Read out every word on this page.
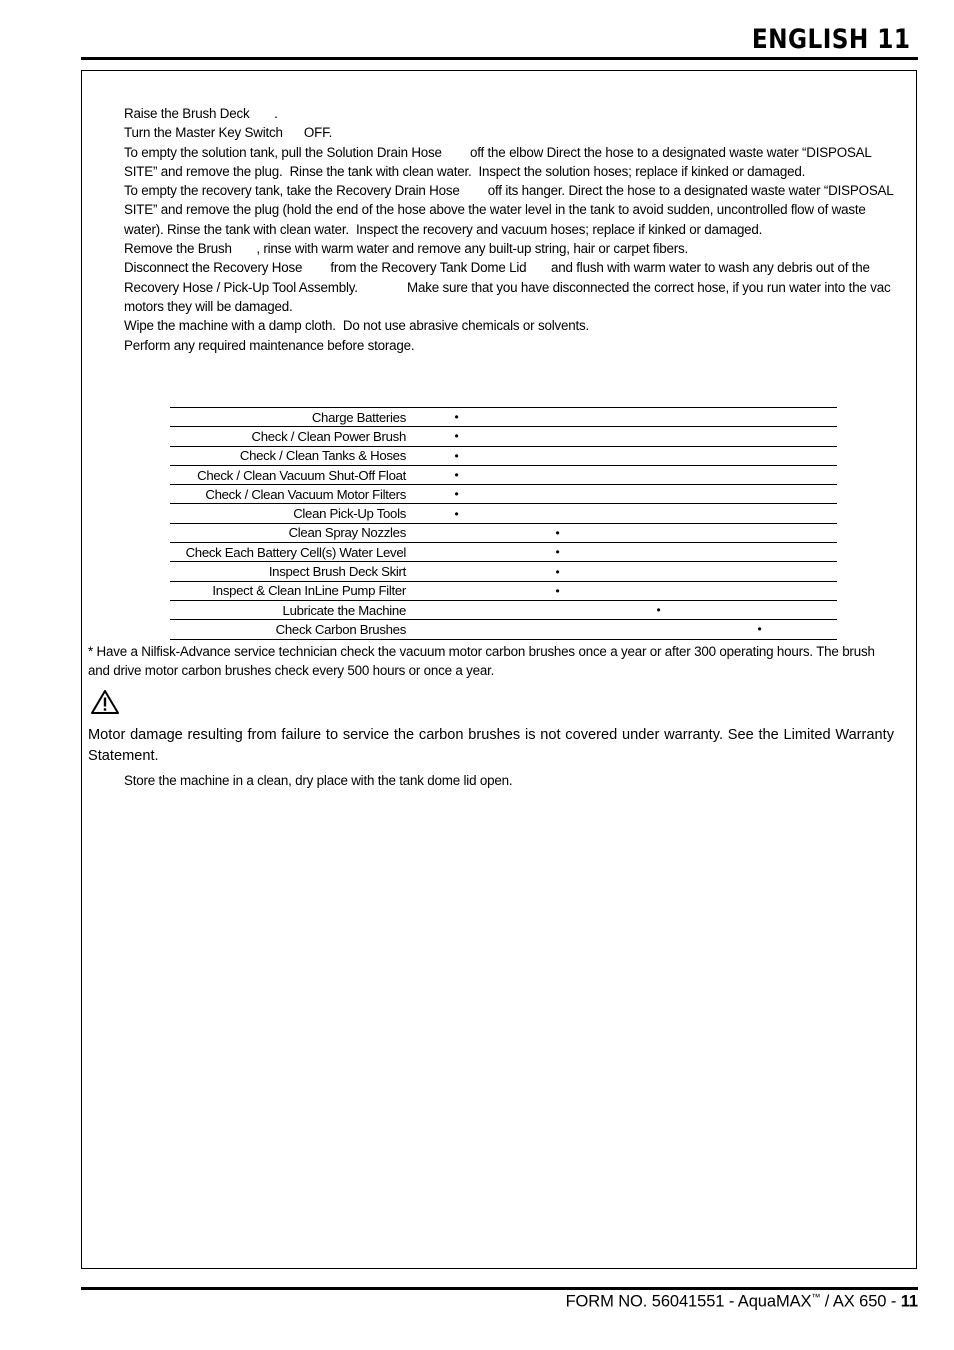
ENGLISH 11

Raise the Brush Deck       .

Turn the Master Key Switch      OFF.

To empty the solution tank, pull the Solution Drain Hose        off the elbow Direct the hose to a designated waste water “DISPOSAL SITE” and remove the plug.  Rinse the tank with clean water.  Inspect the solution hoses; replace if kinked or damaged.

To empty the recovery tank, take the Recovery Drain Hose        off its hanger. Direct the hose to a designated waste water “DISPOSAL SITE” and remove the plug (hold the end of the hose above the water level in the tank to avoid sudden, uncontrolled flow of waste water). Rinse the tank with clean water.  Inspect the recovery and vacuum hoses; replace if kinked or damaged.

Remove the Brush       , rinse with warm water and remove any built-up string, hair or carpet fibers.

Disconnect the Recovery Hose        from the Recovery Tank Dome Lid       and flush with warm water to wash any debris out of the Recovery Hose / Pick-Up Tool Assembly.              Make sure that you have disconnected the correct hose, if you run water into the vac motors they will be damaged.

Wipe the machine with a damp cloth.  Do not use abrasive chemicals or solvents.

Perform any required maintenance before storage.

Charge Batteries	•				
Check / Clean Power Brush	•				
Check / Clean Tanks & Hoses	•				
Check / Clean Vacuum Shut-Off Float	•				
Check / Clean Vacuum Motor Filters	•				
Clean Pick-Up Tools	•				
Clean Spray Nozzles		•			
Check Each Battery Cell(s) Water Level		•			
Inspect Brush Deck Skirt		•			
Inspect & Clean InLine Pump Filter		•			
Lubricate the Machine			•		
Check Carbon Brushes				•	
* Have a Nilfisk-Advance service technician check the vacuum motor carbon brushes once a year or after 300 operating hours. The brush and drive motor carbon brushes check every 500 hours or once a year.
Motor damage resulting from failure to service the carbon brushes is not covered under warranty. See the Limited Warranty Statement.
Store the machine in a clean, dry place with the tank dome lid open.
FORM NO. 56041551 - AquaMAX™ / AX 650 - 11
